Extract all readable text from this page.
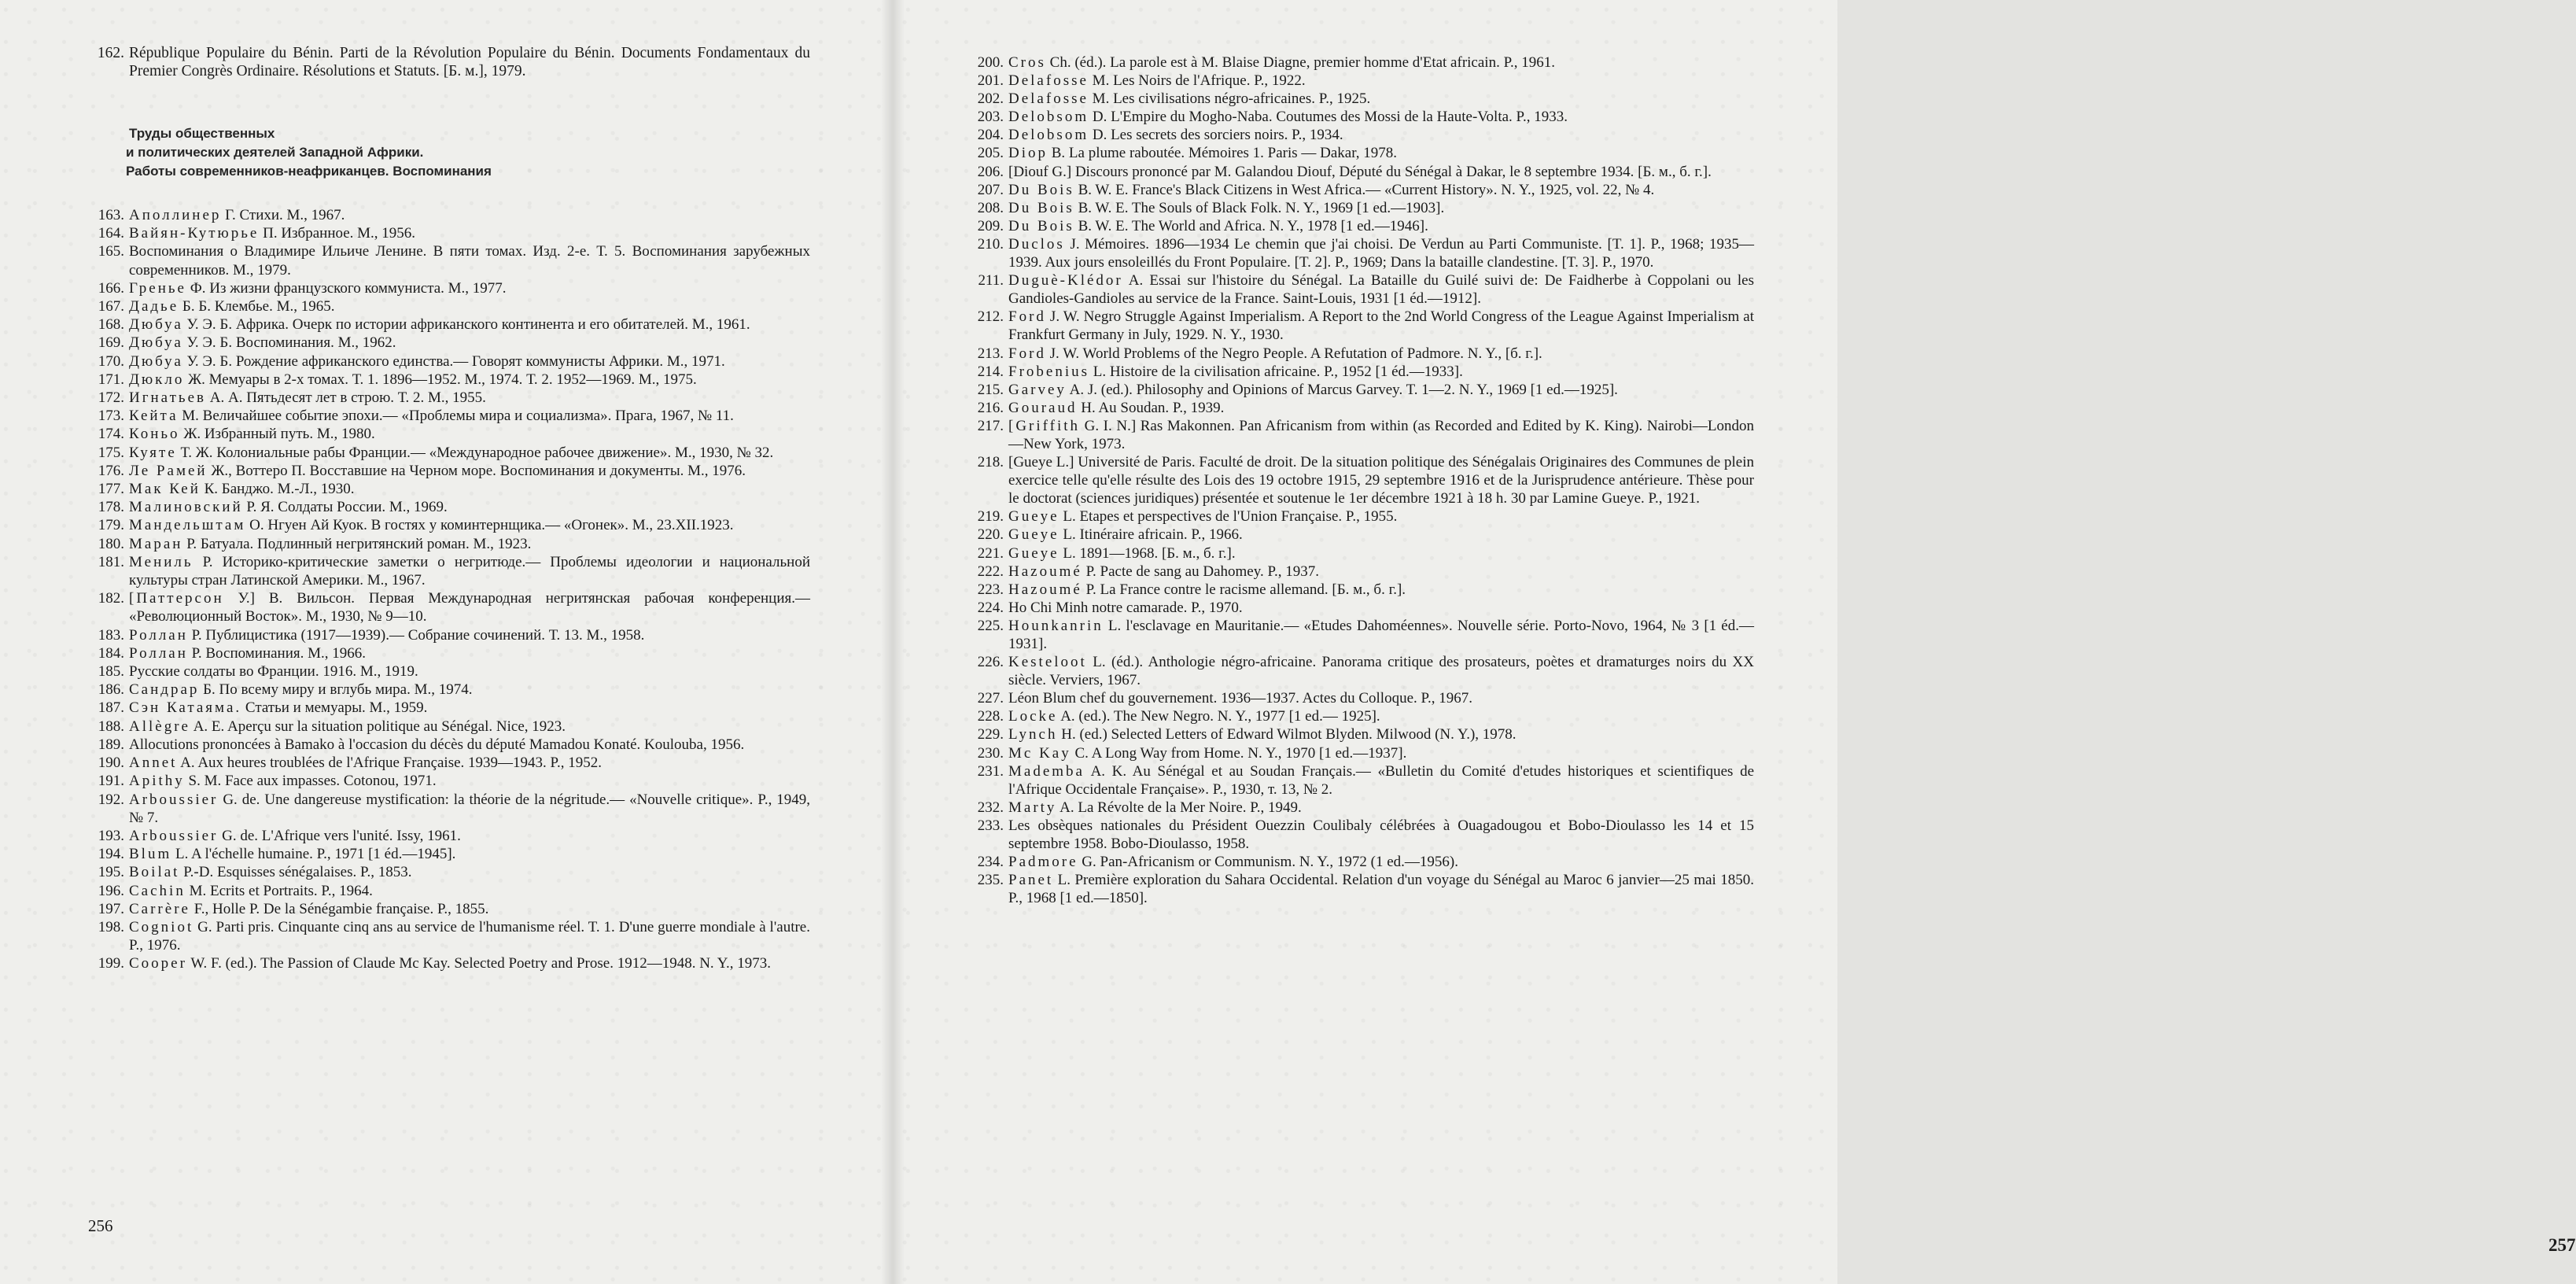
162. République Populaire du Bénin. Parti de la Révolution Populaire du Bénin. Documents Fondamentaux du Premier Congrès Ordinaire. Résolutions et Statuts. [Б. м.], 1979.
Труды общественных
и политических деятелей Западной Африки.
Работы современников-неафриканцев. Воспоминания
163. Аполлинер Г. Стихи. М., 1967.
164. Вайян-Кутюрье П. Избранное. М., 1956.
165. Воспоминания о Владимире Ильиче Ленине. В пяти томах. Изд. 2-е. Т. 5. Воспоминания зарубежных современников. М., 1979.
166. Гренье Ф. Из жизни французского коммуниста. М., 1977.
167. Дадье Б. Б. Клембье. М., 1965.
168. Дюбуа У. Э. Б. Африка. Очерк по истории африканского континента и его обитателей. М., 1961.
169. Дюбуа У. Э. Б. Воспоминания. М., 1962.
170. Дюбуа У. Э. Б. Рождение африканского единства.— Говорят коммунисты Африки. М., 1971.
171. Дюкло Ж. Мемуары в 2-х томах. Т. 1. 1896—1952. М., 1974. Т. 2. 1952—1969. М., 1975.
172. Игнатьев А. А. Пятьдесят лет в строю. Т. 2. М., 1955.
173. Кейта М. Величайшее событие эпохи.— «Проблемы мира и социализма». Прага, 1967, № 11.
174. Коньо Ж. Избранный путь. М., 1980.
175. Куяте Т. Ж. Колониальные рабы Франции.— «Международное рабочее движение». М., 1930, № 32.
176. Ле Рамей Ж., Воттеро П. Восставшие на Черном море. Воспоминания и документы. М., 1976.
177. Мак Кей К. Банджо. М.-Л., 1930.
178. Малиновский Р. Я. Солдаты России. М., 1969.
179. Мандельштам О. Нгуен Ай Куок. В гостях у коминтернщика.— «Огонек». М., 23.XII.1923.
180. Маран Р. Батуала. Подлинный негритянский роман. М., 1923.
181. Мениль Р. Историко-критические заметки о негритюде.— Проблемы идеологии и национальной культуры стран Латинской Америки. М., 1967.
182. [Паттерсон У.] В. Вильсон. Первая Международная негритянская рабочая конференция.— «Революционный Восток». М., 1930, № 9—10.
183. Роллан Р. Публицистика (1917—1939).— Собрание сочинений. Т. 13. М., 1958.
184. Роллан Р. Воспоминания. М., 1966.
185. Русские солдаты во Франции. 1916. М., 1919.
186. Сандрар Б. По всему миру и вглубь мира. М., 1974.
187. Сэн Катаяма. Статьи и мемуары. М., 1959.
188. Allègre A. E. Aperçu sur la situation politique au Sénégal. Nice, 1923.
189. Allocutions prononcées à Bamako à l'occasion du décès du député Mamadou Konaté. Koulouba, 1956.
190. Annet A. Aux heures troublées de l'Afrique Française. 1939—1943. P., 1952.
191. Apithy S. M. Face aux impasses. Cotonou, 1971.
192. Arboussier G. de. Une dangereuse mystification: la théorie de la négritude.— «Nouvelle critique». P., 1949, № 7.
193. Arboussier G. de. L'Afrique vers l'unité. Issy, 1961.
194. Blum L. A l'échelle humaine. P., 1971 [1 éd.—1945].
195. Boilat P.-D. Esquisses sénégalaises. P., 1853.
196. Cachin M. Ecrits et Portraits. P., 1964.
197. Carrère F., Holle P. De la Sénégambie française. P., 1855.
198. Cogniot G. Parti pris. Cinquante cinq ans au service de l'humanisme réel. T. 1. D'une guerre mondiale à l'autre. P., 1976.
199. Cooper W. F. (ed.). The Passion of Claude Mc Kay. Selected Poetry and Prose. 1912—1948. N. Y., 1973.
256
200. Cros Ch. (éd.). La parole est à M. Blaise Diagne, premier homme d'Etat africain. P., 1961.
201. Delafosse M. Les Noirs de l'Afrique. P., 1922.
202. Delafosse M. Les civilisations négro-africaines. P., 1925.
203. Delobsom D. L'Empire du Mogho-Naba. Coutumes des Mossi de la Haute-Volta. P., 1933.
204. Delobsom D. Les secrets des sorciers noirs. P., 1934.
205. Diop B. La plume raboutée. Mémoires 1. Paris — Dakar, 1978.
206. [Diouf G.] Discours prononcé par M. Galandou Diouf, Député du Sénégal à Dakar, le 8 septembre 1934. [Б. м., б. г.].
207. Du Bois B. W. E. France's Black Citizens in West Africa.— «Current History». N. Y., 1925, vol. 22, № 4.
208. Du Bois B. W. E. The Souls of Black Folk. N. Y., 1969 [1 ed.—1903].
209. Du Bois B. W. E. The World and Africa. N. Y., 1978 [1 ed.—1946].
210. Duclos J. Mémoires. 1896—1934 Le chemin que j'ai choisi. De Verdun au Parti Communiste. [T. 1]. P., 1968; 1935—1939. Aux jours ensoleillés du Front Populaire. [T. 2]. P., 1969; Dans la bataille clandestine. [T. 3]. P., 1970.
211. Duguè-Klédor A. Essai sur l'histoire du Sénégal. La Bataille du Guilé suivi de: De Faidherbe à Coppolani ou les Gandioles-Gandioles au service de la France. Saint-Louis, 1931 [1 éd.—1912].
212. Ford J. W. Negro Struggle Against Imperialism. A Report to the 2nd World Congress of the League Against Imperialism at Frankfurt Germany in July, 1929. N. Y., 1930.
213. Ford J. W. World Problems of the Negro People. A Refutation of Padmore. N. Y., [б. г.].
214. Frobenius L. Histoire de la civilisation africaine. P., 1952 [1 éd.—1933].
215. Garvey A. J. (ed.). Philosophy and Opinions of Marcus Garvey. T. 1—2. N. Y., 1969 [1 ed.—1925].
216. Gouraud H. Au Soudan. P., 1939.
217. [Griffith G. I. N.] Ras Makonnen. Pan Africanism from within (as Recorded and Edited by K. King). Nairobi—London—New York, 1973.
218. [Gueye L.] Université de Paris. Faculté de droit. De la situation politique des Sénégalais Originaires des Communes de plein exercice telle qu'elle résulte des Lois des 19 octobre 1915, 29 septembre 1916 et de la Jurisprudence antérieure. Thèse pour le doctorat (sciences juridiques) présentée et soutenue le 1er décembre 1921 à 18 h. 30 par Lamine Gueye. P., 1921.
219. Gueye L. Etapes et perspectives de l'Union Française. P., 1955.
220. Gueye L. Itinéraire africain. P., 1966.
221. Gueye L. 1891—1968. [Б. м., б. г.].
222. Hazoumé P. Pacte de sang au Dahomey. P., 1937.
223. Hazoumé P. La France contre le racisme allemand. [Б. м., б. г.].
224. Ho Chi Minh notre camarade. P., 1970.
225. Hounkanrin L. l'esclavage en Mauritanie.— «Etudes Dahoméennes». Nouvelle série. Porto-Novo, 1964, № 3 [1 éd.—1931].
226. Kesteloot L. (éd.). Anthologie négro-africaine. Panorama critique des prosateurs, poètes et dramaturges noirs du XX siècle. Verviers, 1967.
227. Léon Blum chef du gouvernement. 1936—1937. Actes du Colloque. P., 1967.
228. Locke A. (ed.). The New Negro. N. Y., 1977 [1 ed.— 1925].
229. Lynch H. (ed.) Selected Letters of Edward Wilmot Blyden. Milwood (N. Y.), 1978.
230. Mc Kay C. A Long Way from Home. N. Y., 1970 [1 ed.—1937].
231. Mademba A. K. Au Sénégal et au Soudan Français.— «Bulletin du Comité d'etudes historiques et scientifiques de l'Afrique Occidentale Française». P., 1930, т. 13, № 2.
232. Marty A. La Révolte de la Mer Noire. P., 1949.
233. Les obsèques nationales du Président Ouezzin Coulibaly célébrées à Ouagadougou et Bobo-Dioulasso les 14 et 15 septembre 1958. Bobo-Dioulasso, 1958.
234. Padmore G. Pan-Africanism or Communism. N. Y., 1972 (1 ed.—1956).
235. Panet L. Première exploration du Sahara Occidental. Relation d'un voyage du Sénégal au Maroc 6 janvier—25 mai 1850. P., 1968 [1 ed.—1850].
257
